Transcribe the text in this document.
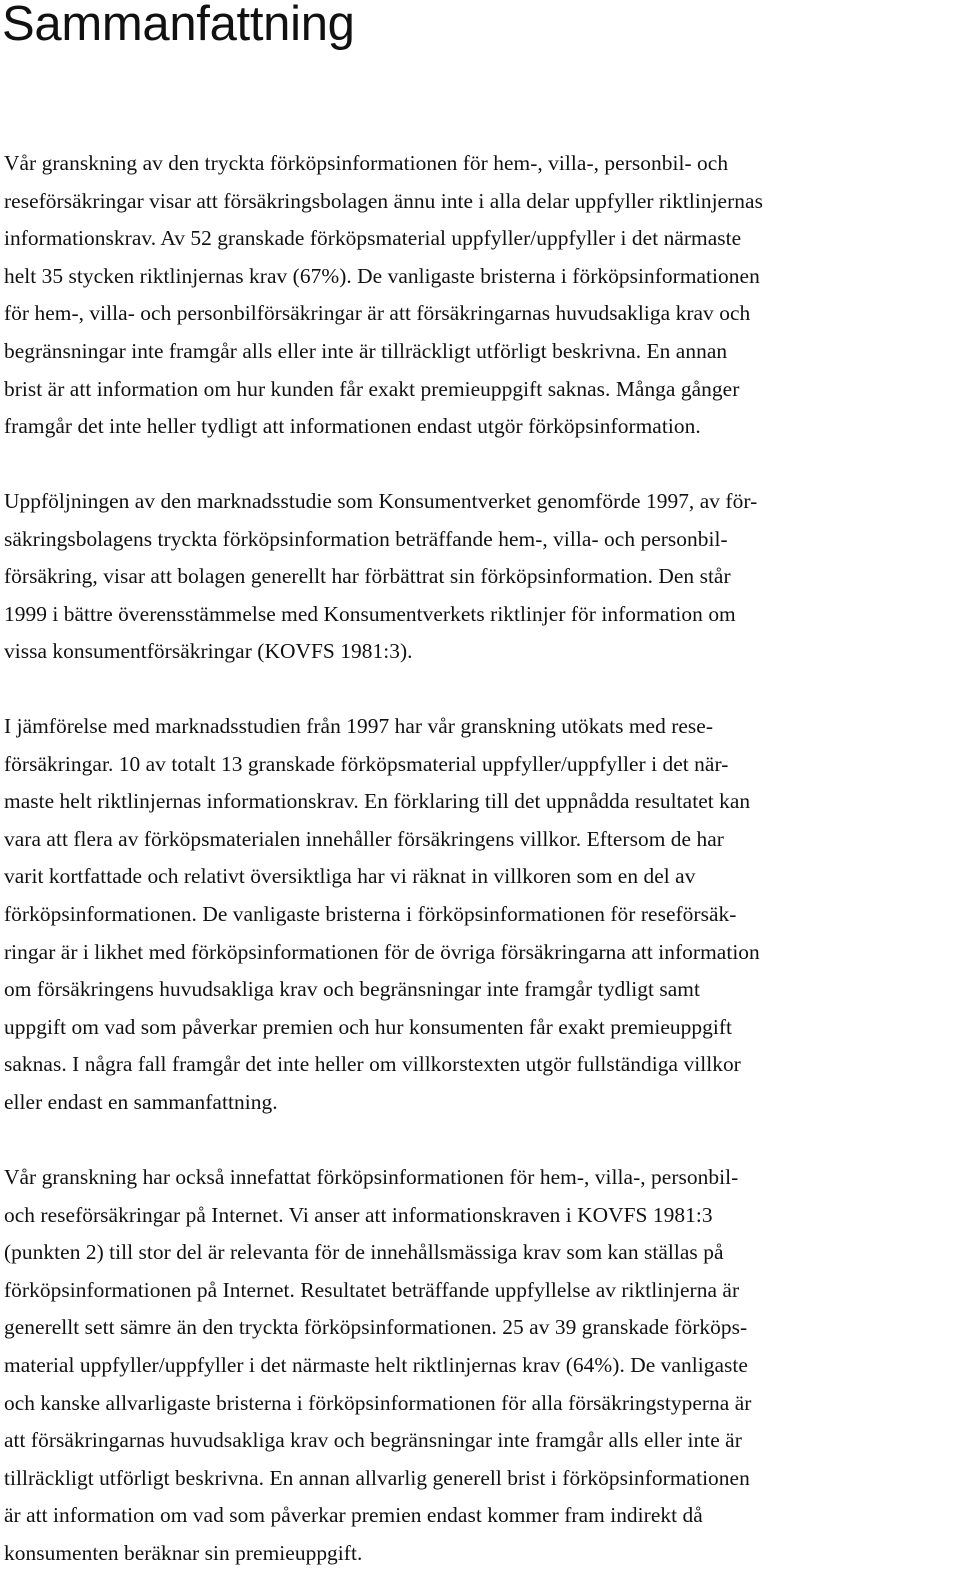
Sammanfattning
Vår granskning av den tryckta förköpsinformationen för hem-, villa-, personbil- och
reseförsäkringar visar att försäkringsbolagen ännu inte i alla delar uppfyller riktlinjernas
informationskrav. Av 52 granskade förköpsmaterial uppfyller/uppfyller i det närmaste
helt 35 stycken riktlinjernas krav (67%). De vanligaste bristerna i förköpsinformationen
för hem-, villa- och personbilförsäkringar är att försäkringarnas huvudsakliga krav och
begränsningar inte framgår alls eller inte är tillräckligt utförligt beskrivna. En annan
brist är att information om hur kunden får exakt premieuppgift saknas. Många gånger
framgår det inte heller tydligt att informationen endast utgör förköpsinformation.
Uppföljningen av den marknadsstudie som Konsumentverket genomförde 1997, av för-
säkringsbolagens tryckta förköpsinformation beträffande hem-, villa- och personbil-
försäkring, visar att bolagen generellt har förbättrat sin förköpsinformation. Den står
1999 i bättre överensstämmelse med Konsumentverkets riktlinjer för information om
vissa konsumentförsäkringar (KOVFS 1981:3).
I jämförelse med marknadsstudien från 1997 har vår granskning utökats med rese-
försäkringar. 10 av totalt 13 granskade förköpsmaterial uppfyller/uppfyller i det när-
maste helt riktlinjernas informationskrav. En förklaring till det uppnådda resultatet kan
vara att flera av förköpsmaterialen innehåller försäkringens villkor. Eftersom de har
varit kortfattade och relativt översiktliga har vi räknat in villkoren som en del av
förköpsinformationen. De vanligaste bristerna i förköpsinformationen för reseförsäk-
ringar är i likhet med förköpsinformationen för de övriga försäkringarna att information
om försäkringens huvudsakliga krav och begränsningar inte framgår tydligt samt
uppgift om vad som påverkar premien och hur konsumenten får exakt premieuppgift
saknas. I några fall framgår det inte heller om villkorstexten utgör fullständiga villkor
eller endast en sammanfattning.
Vår granskning har också innefattat förköpsinformationen för hem-, villa-, personbil-
och reseförsäkringar på Internet. Vi anser att informationskraven i KOVFS 1981:3
(punkten 2) till stor del är relevanta för de innehållsmässiga krav som kan ställas på
förköpsinformationen på Internet. Resultatet beträffande uppfyllelse av riktlinjerna är
generellt sett sämre än den tryckta förköpsinformationen. 25 av 39 granskade förköps-
material uppfyller/uppfyller i det närmaste helt riktlinjernas krav (64%). De vanligaste
och kanske allvarligaste bristerna i förköpsinformationen för alla försäkringstyperna är
att försäkringarnas huvudsakliga krav och begränsningar inte framgår alls eller inte är
tillräckligt utförligt beskrivna. En annan allvarlig generell brist i förköpsinformationen
är att information om vad som påverkar premien endast kommer fram indirekt då
konsumenten beräknar sin premieuppgift.
